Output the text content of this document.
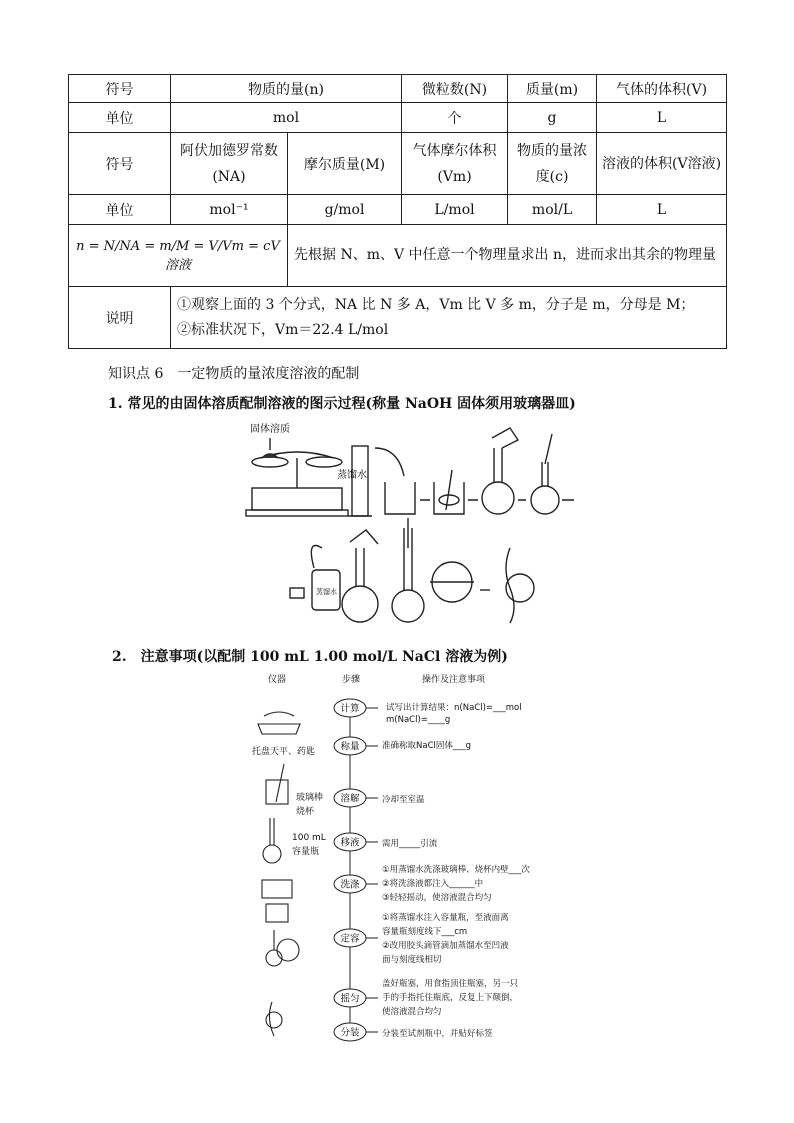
符号	物质的量(n)		微粒数(N)	质量(m)	气体的体积(V)
单位	mol		个	g	L
符号	阿伏加德罗常数(NA)	摩尔质量(M)	气体摩尔体积(Vm)	物质的量浓度(c)	溶液的体积(V溶液)
单位	mol⁻¹	g/mol	L/mol	mol/L	L
n = N/NA = m/M = V/Vm = cV溶液		先根据 N、m、V 中任意一个物理量求出 n，进而求出其余的物理量			
说明	①观察上面的 3 个分式，NA 比 N 多 A，Vm 比 V 多 m，分子是 m，分母是 M；
②标准状况下，Vm＝22.4 L/mol				
知识点 6　一定物质的量浓度溶液的配制
1. 常见的由固体溶质配制溶液的图示过程(称量 NaOH 固体须用玻璃器皿)
固体溶质
蒸馏水
蒸馏水
2.　注意事项(以配制 100 mL 1.00 mol/L NaCl 溶液为例)
仪器	步骤	操作及注意事项
托盘天平、药匙
玻璃棒
烧杯
100 mL
容量瓶
试写出计算结果：n(NaCl)=___mol
m(NaCl)=____g
准确称取NaCl固体___g
冷却至室温
需用_____引流
①用蒸馏水洗涤玻璃棒、烧杯内壁___次
②将洗涤液都注入______中
③轻轻摇动，使溶液混合均匀
①将蒸馏水注入容量瓶，至液面离
容量瓶刻度线下___cm
②改用胶头滴管滴加蒸馏水至凹液
面与刻度线相切
盖好瓶塞，用食指顶住瓶塞，另一只
手的手指托住瓶底，反复上下颠倒，
使溶液混合均匀
分装至试剂瓶中，并贴好标签
计算
称量
溶解
移液
洗涤
定容
摇匀
分装
